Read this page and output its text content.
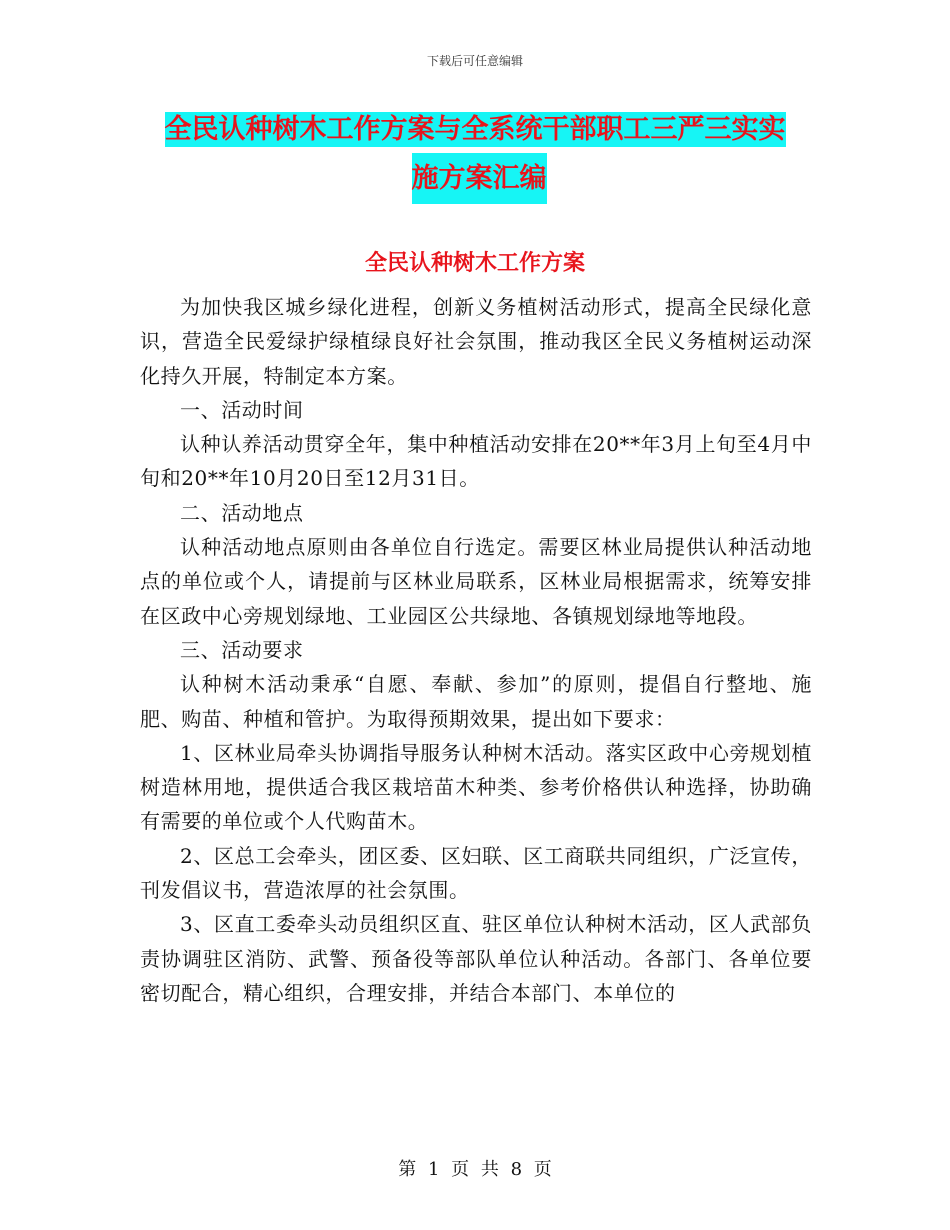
下载后可任意编辑
全民认种树木工作方案与全系统干部职工三严三实实
施方案汇编
全民认种树木工作方案

为加快我区城乡绿化进程，创新义务植树活动形式，提高全民绿化意识，营造全民爱绿护绿植绿良好社会氛围，推动我区全民义务植树运动深化持久开展，特制定本方案。

一、活动时间

认种认养活动贯穿全年，集中种植活动安排在20**年3月上旬至4月中旬和20**年10月20日至12月31日。

二、活动地点

认种活动地点原则由各单位自行选定。需要区林业局提供认种活动地点的单位或个人，请提前与区林业局联系，区林业局根据需求，统筹安排在区政中心旁规划绿地、工业园区公共绿地、各镇规划绿地等地段。

三、活动要求

认种树木活动秉承“自愿、奉献、参加”的原则，提倡自行整地、施肥、购苗、种植和管护。为取得预期效果，提出如下要求：

1、区林业局牵头协调指导服务认种树木活动。落实区政中心旁规划植树造林用地，提供适合我区栽培苗木种类、参考价格供认种选择，协助确有需要的单位或个人代购苗木。

2、区总工会牵头，团区委、区妇联、区工商联共同组织，广泛宣传，刊发倡议书，营造浓厚的社会氛围。

3、区直工委牵头动员组织区直、驻区单位认种树木活动，区人武部负责协调驻区消防、武警、预备役等部队单位认种活动。各部门、各单位要密切配合，精心组织，合理安排，并结合本部门、本单位的

第 1 页 共 8 页
